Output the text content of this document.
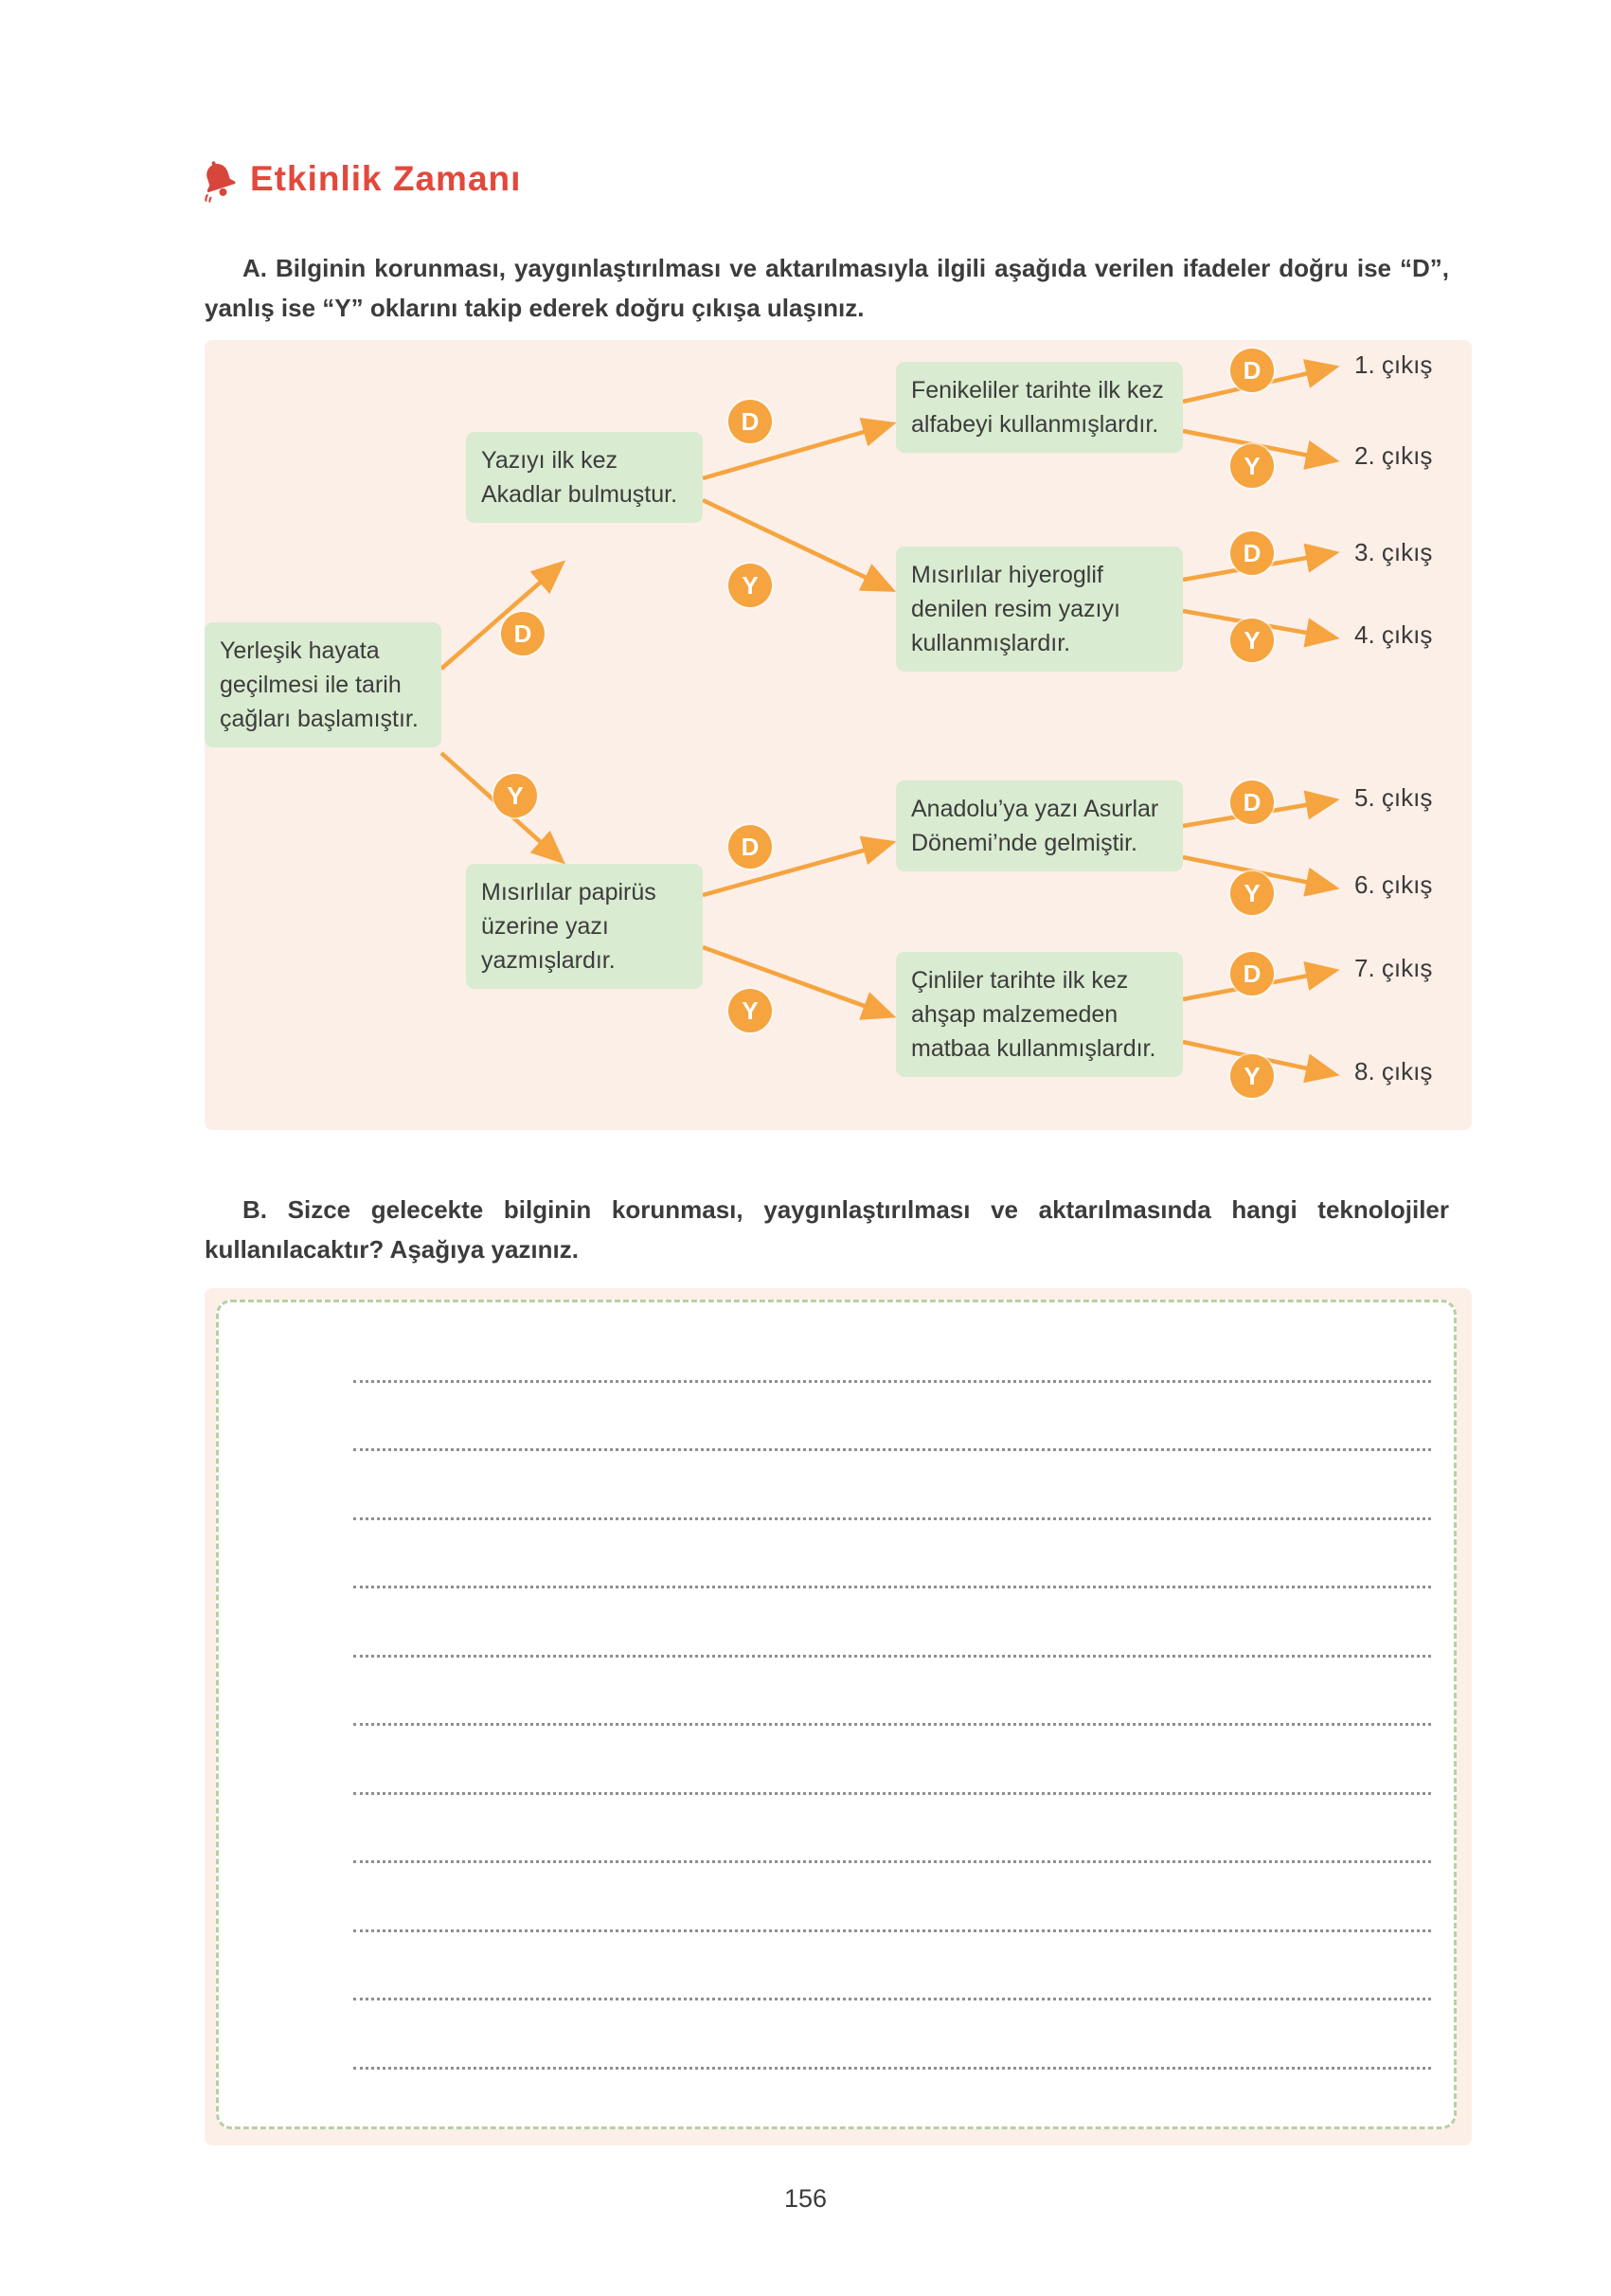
Etkinlik Zamanı

A. Bilginin korunması, yaygınlaştırılması ve aktarılmasıyla ilgili aşağıda verilen ifadeler doğru ise “D”, yanlış ise “Y” oklarını takip ederek doğru çıkışa ulaşınız.

Yerleşik hayata geçilmesi ile tarih çağları başlamıştır.
Yazıyı ilk kez Akadlar bulmuştur.
Mısırlılar papirüs üzerine yazı yazmışlardır.
Fenikeliler tarihte ilk kez alfabeyi kullanmışlardır.
Mısırlılar hiyeroglif denilen resim yazıyı kullanmışlardır.
Anadolu’ya yazı Asurlar Dönemi’nde gelmiştir.
Çinliler tarihte ilk kez ahşap malzemeden matbaa kullanmışlardır.
D
Y
D
Y
D
Y
D
Y
D
Y
D
Y
D
Y
1. çıkış
2. çıkış
3. çıkış
4. çıkış
5. çıkış
6. çıkış
7. çıkış
8. çıkış

B. Sizce gelecekte bilginin korunması, yaygınlaştırılması ve aktarılmasında hangi teknolojiler kullanılacaktır? Aşağıya yazınız.

156
